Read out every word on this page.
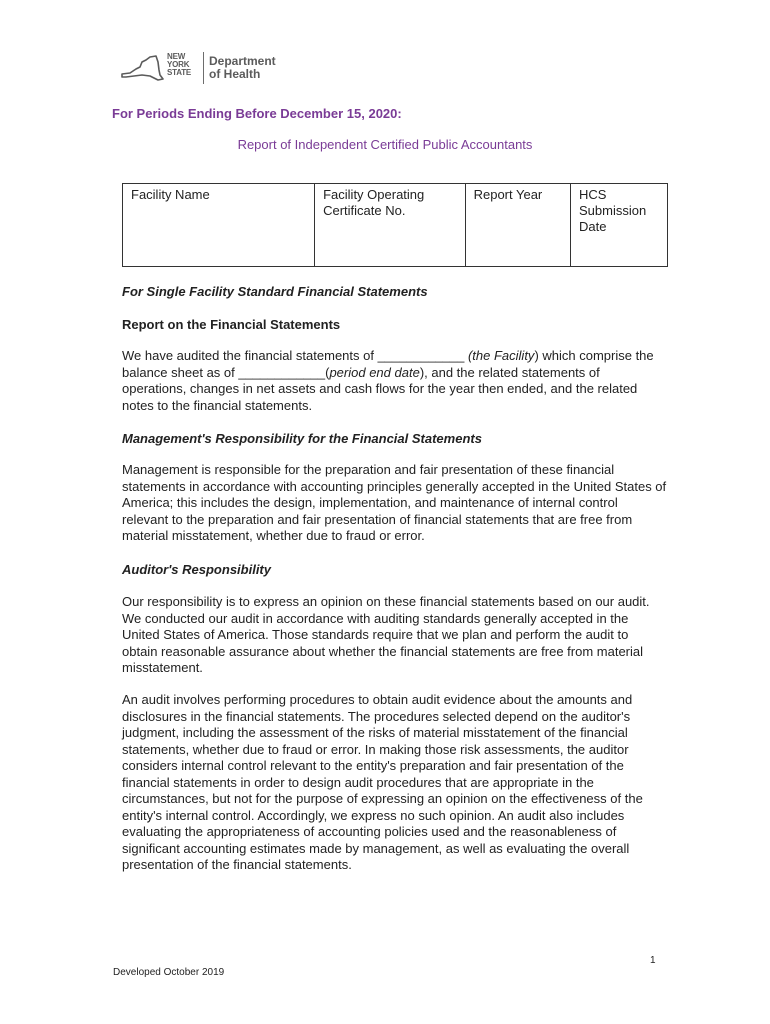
NEW
YORK
STATE
Department
of Health
For Periods Ending Before December 15, 2020:
Report of Independent Certified Public Accountants
Facility Name	Facility Operating Certificate No.	Report Year	HCS Submission Date
For Single Facility Standard Financial Statements
Report on the Financial Statements

We have audited the financial statements of ____________ (the Facility) which comprise the balance sheet as of ____________(period end date), and the related statements of operations, changes in net assets and cash flows for the year then ended, and the related notes to the financial statements.

Management's Responsibility for the Financial Statements

Management is responsible for the preparation and fair presentation of these financial statements in accordance with accounting principles generally accepted in the United States of America; this includes the design, implementation, and maintenance of internal control relevant to the preparation and fair presentation of financial statements that are free from material misstatement, whether due to fraud or error.

Auditor's Responsibility

Our responsibility is to express an opinion on these financial statements based on our audit. We conducted our audit in accordance with auditing standards generally accepted in the United States of America. Those standards require that we plan and perform the audit to obtain reasonable assurance about whether the financial statements are free from material misstatement.

An audit involves performing procedures to obtain audit evidence about the amounts and disclosures in the financial statements. The procedures selected depend on the auditor's judgment, including the assessment of the risks of material misstatement of the financial statements, whether due to fraud or error. In making those risk assessments, the auditor considers internal control relevant to the entity's preparation and fair presentation of the financial statements in order to design audit procedures that are appropriate in the circumstances, but not for the purpose of expressing an opinion on the effectiveness of the entity's internal control. Accordingly, we express no such opinion. An audit also includes evaluating the appropriateness of accounting policies used and the reasonableness of significant accounting estimates made by management, as well as evaluating the overall presentation of the financial statements.

1
Developed October 2019
